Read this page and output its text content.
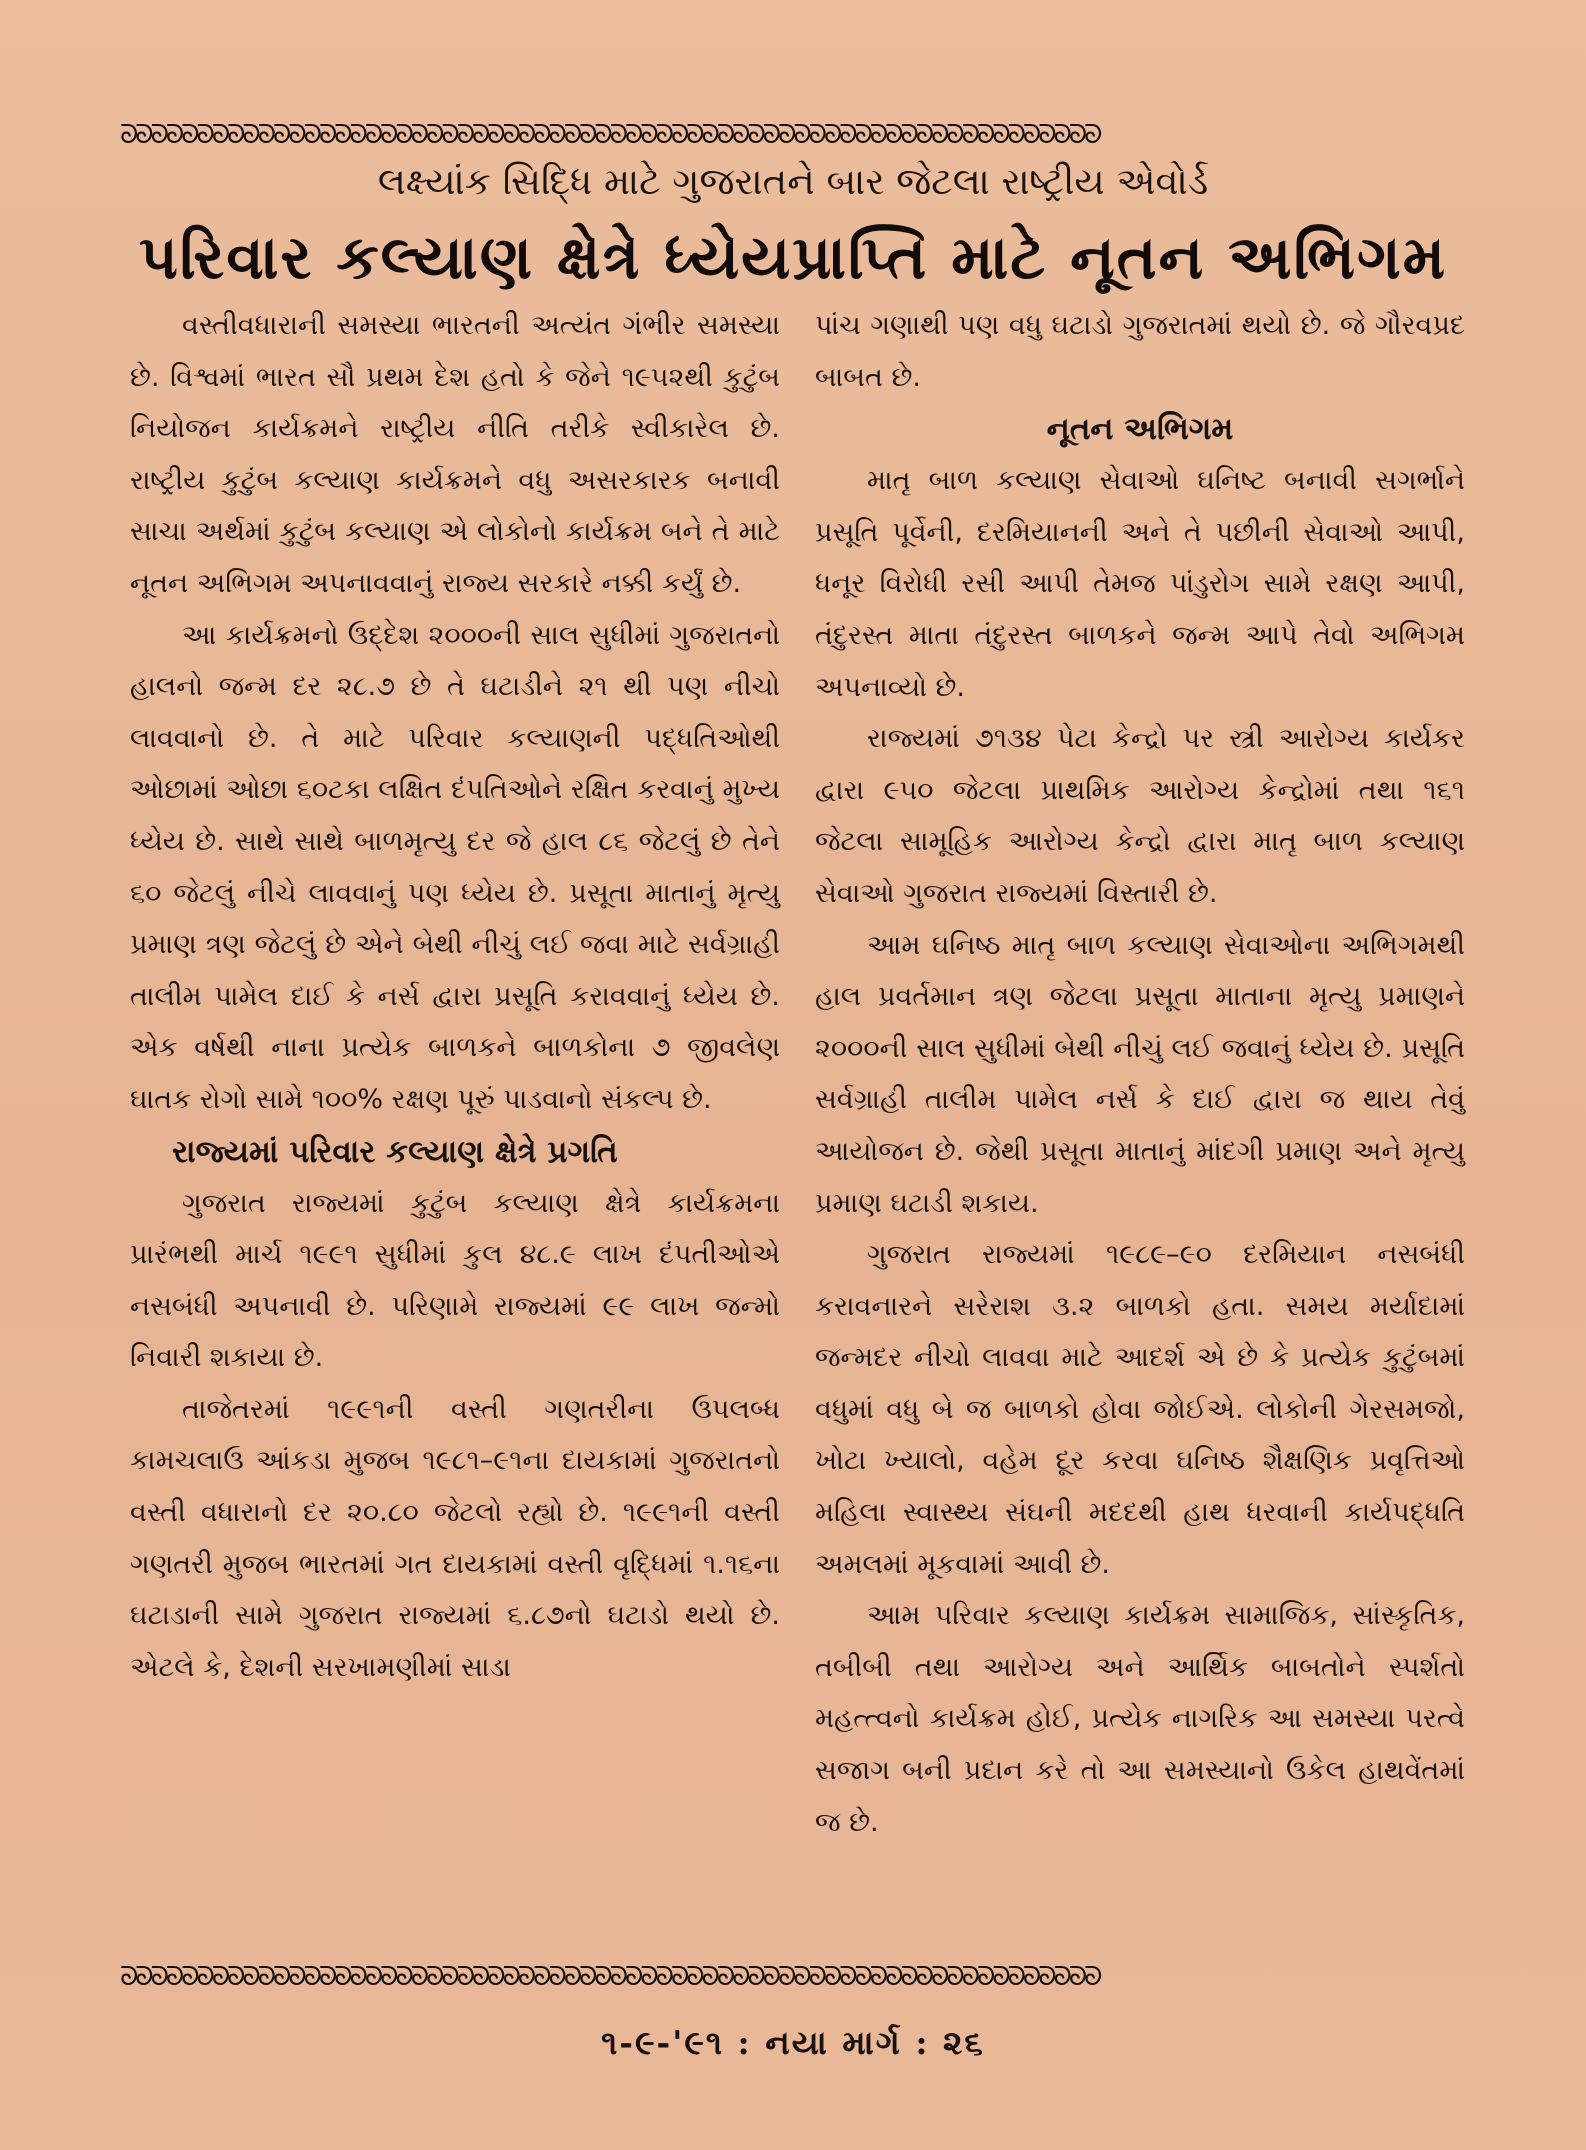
ᘐᘐᘐᘐᘐᘐᘐᘐᘐᘐᘐᘐᘐᘐᘐᘐᘐᘐᘐᘐᘐᘐᘐᘐᘐᘐᘐᘐᘐᘐᘐᘐᘐᘐᘐᘐᘐᘐᘐᘐᘐᘐᘐᘐᘐᘐᘐᘐᘐᘐᘐᘐᘐᘐᘐᘐᘐᘐᘐᘐᘐᘐᘐᘐ
લક્ષ્યાંક સિદ્ધિ માટે ગુજરાતને બાર જેટલા રાષ્ટ્રીય એવોર્ડ
પરિવાર કલ્યાણ ક્ષેત્રે ધ્યેયપ્રાપ્તિ માટે નૂતન અભિગમ

વસ્તીવધારાની સમસ્યા ભારતની અત્યંત ગંભીર સમસ્યા છે. વિશ્વમાં ભારત સૌ પ્રથમ દેશ હતો કે જેને ૧૯૫૨થી કુટુંબ નિયોજન કાર્યક્રમને રાષ્ટ્રીય નીતિ તરીકે સ્વીકારેલ છે. રાષ્ટ્રીય કુટુંબ કલ્યાણ કાર્યક્રમને વધુ અસરકારક બનાવી સાચા અર્થમાં કુટુંબ કલ્યાણ એ લોકોનો કાર્યક્રમ બને તે માટે નૂતન અભિગમ અપનાવવાનું રાજ્ય સરકારે નક્કી કર્યું છે.

આ કાર્યક્રમનો ઉદ્દેશ ૨૦૦૦ની સાલ સુધીમાં ગુજરાતનો હાલનો જન્મ દર ૨૮.૭ છે તે ઘટાડીને ૨૧ થી પણ નીચો લાવવાનો છે. તે માટે પરિવાર કલ્યાણની પદ્ધતિઓથી ઓછામાં ઓછા ૬૦ટકા લક્ષિત દંપતિઓને રક્ષિત કરવાનું મુખ્ય ધ્યેય છે. સાથે સાથે બાળમૃત્યુ દર જે હાલ ૮૬ જેટલું છે તેને ૬૦ જેટલું નીચે લાવવાનું પણ ધ્યેય છે. પ્રસૂતા માતાનું મૃત્યુ પ્રમાણ ત્રણ જેટલું છે એને બેથી નીચું લઈ જવા માટે સર્વગ્રાહી તાલીમ પામેલ દાઈ કે નર્સ દ્વારા પ્રસૂતિ કરાવવાનું ધ્યેય છે. એક વર્ષથી નાના પ્રત્યેક બાળકને બાળકોના ૭ જીવલેણ ઘાતક રોગો સામે ૧૦૦% રક્ષણ પૂરું પાડવાનો સંકલ્પ છે.

રાજ્યમાં પરિવાર કલ્યાણ ક્ષેત્રે પ્રગતિ

ગુજરાત રાજ્યમાં કુટુંબ કલ્યાણ ક્ષેત્રે કાર્યક્રમના પ્રારંભથી માર્ચ ૧૯૯૧ સુધીમાં કુલ ૪૮.૯ લાખ દંપતીઓએ નસબંધી અપનાવી છે. પરિણામે રાજ્યમાં ૯૯ લાખ જન્મો નિવારી શકાયા છે.

તાજેતરમાં ૧૯૯૧ની વસ્તી ગણતરીના ઉપલબ્ધ કામચલાઉ આંકડા મુજબ ૧૯૮૧–૯૧ના દાયકામાં ગુજરાતનો વસ્તી વધારાનો દર ૨૦.૮૦ જેટલો રહ્યો છે. ૧૯૯૧ની વસ્તી ગણતરી મુજબ ભારતમાં ગત દાયકામાં વસ્તી વૃદ્ધિમાં ૧.૧૬ના ઘટાડાની સામે ગુજરાત રાજ્યમાં ૬.૮૭નો ઘટાડો થયો છે. એટલે કે, દેશની સરખામણીમાં સાડા

પાંચ ગણાથી પણ વધુ ઘટાડો ગુજરાતમાં થયો છે. જે ગૌરવપ્રદ બાબત છે.

નૂતન અભિગમ

માતૃ બાળ કલ્યાણ સેવાઓ ઘનિષ્ટ બનાવી સગર્ભાને પ્રસૂતિ પૂર્વેની, દરમિયાનની અને તે પછીની સેવાઓ આપી, ધનૂર વિરોધી રસી આપી તેમજ પાંડુરોગ સામે રક્ષણ આપી, તંદુરસ્ત માતા તંદુરસ્ત બાળકને જન્મ આપે તેવો અભિગમ અપનાવ્યો છે.

રાજ્યમાં ૭૧૩૪ પેટા કેન્દ્રો પર સ્ત્રી આરોગ્ય કાર્યકર દ્વારા ૯૫૦ જેટલા પ્રાથમિક આરોગ્ય કેન્દ્રોમાં તથા ૧૬૧ જેટલા સામૂહિક આરોગ્ય કેન્દ્રો દ્વારા માતૃ બાળ કલ્યાણ સેવાઓ ગુજરાત રાજ્યમાં વિસ્તારી છે.

આમ ઘનિષ્ઠ માતૃ બાળ કલ્યાણ સેવાઓના અભિગમથી હાલ પ્રવર્તમાન ત્રણ જેટલા પ્રસૂતા માતાના મૃત્યુ પ્રમાણને ૨૦૦૦ની સાલ સુધીમાં બેથી નીચું લઈ જવાનું ધ્યેય છે. પ્રસૂતિ સર્વગ્રાહી તાલીમ પામેલ નર્સ કે દાઈ દ્વારા જ થાય તેવું આયોજન છે. જેથી પ્રસૂતા માતાનું માંદગી પ્રમાણ અને મૃત્યુ પ્રમાણ ઘટાડી શકાય.

ગુજરાત રાજ્યમાં ૧૯૮૯–૯૦ દરમિયાન નસબંધી કરાવનારને સરેરાશ ૩.૨ બાળકો હતા. સમય મર્યાદામાં જન્મદર નીચો લાવવા માટે આદર્શ એ છે કે પ્રત્યેક કુટુંબમાં વધુમાં વધુ બે જ બાળકો હોવા જોઈએ. લોકોની ગેરસમજો, ખોટા ખ્યાલો, વહેમ દૂર કરવા ઘનિષ્ઠ શૈક્ષણિક પ્રવૃત્તિઓ મહિલા સ્વાસ્થ્ય સંઘની મદદથી હાથ ધરવાની કાર્યપદ્ધતિ અમલમાં મૂકવામાં આવી છે.

આમ પરિવાર કલ્યાણ કાર્યક્રમ સામાજિક, સાંસ્કૃતિક, તબીબી તથા આરોગ્ય અને આર્થિક બાબતોને સ્પર્શતો મહત્ત્વનો કાર્યક્રમ હોઈ, પ્રત્યેક નાગરિક આ સમસ્યા પરત્વે સજાગ બની પ્રદાન કરે તો આ સમસ્યાનો ઉકેલ હાથવેંતમાં જ છે.

ᘐᘐᘐᘐᘐᘐᘐᘐᘐᘐᘐᘐᘐᘐᘐᘐᘐᘐᘐᘐᘐᘐᘐᘐᘐᘐᘐᘐᘐᘐᘐᘐᘐᘐᘐᘐᘐᘐᘐᘐᘐᘐᘐᘐᘐᘐᘐᘐᘐᘐᘐᘐᘐᘐᘐᘐᘐᘐᘐᘐᘐᘐᘐᘐ
૧-૯-'૯૧ : નયા માર્ગ : ૨૬
